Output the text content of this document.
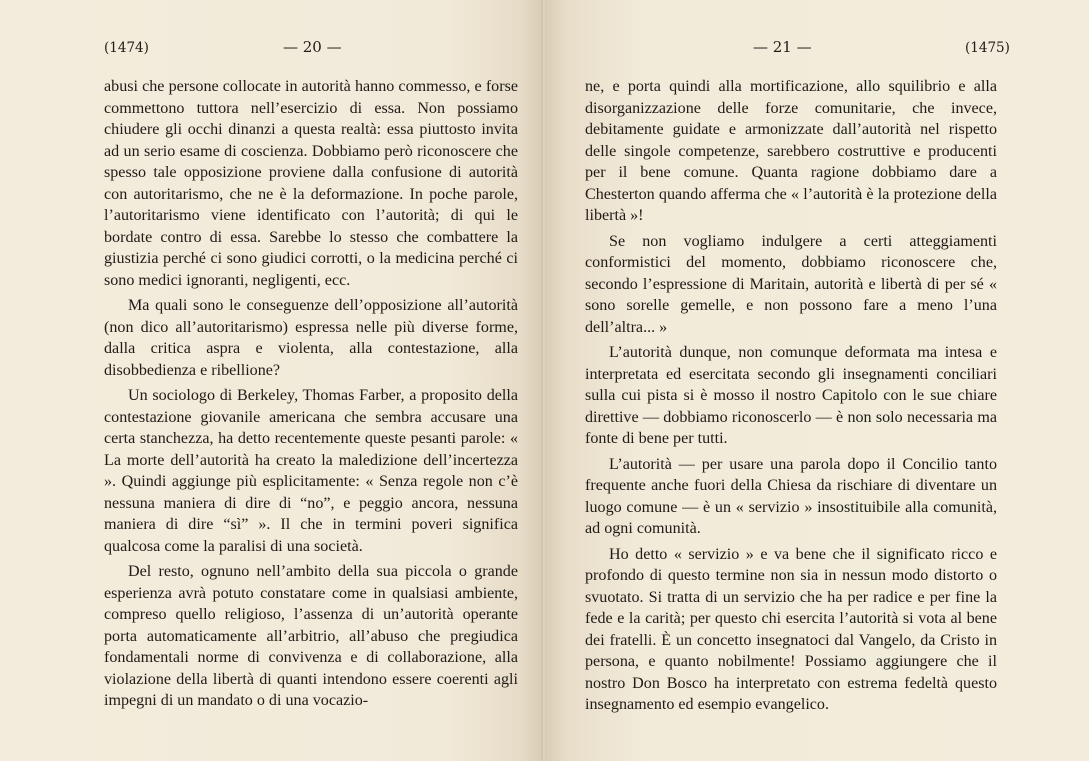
(1474)	— 20 —

abusi che persone collocate in autorità hanno commesso, e forse commettono tuttora nell’esercizio di essa. Non possiamo chiudere gli occhi dinanzi a questa realtà: essa piuttosto invita ad un serio esame di coscienza. Dobbiamo però riconoscere che spesso tale opposizione proviene dalla confusione di autorità con autoritarismo, che ne è la deformazione. In poche parole, l’autoritarismo viene identificato con l’autorità; di qui le bordate contro di essa. Sarebbe lo stesso che combattere la giustizia perché ci sono giudici corrotti, o la medicina perché ci sono medici ignoranti, negligenti, ecc.

Ma quali sono le conseguenze dell’opposizione all’autorità (non dico all’autoritarismo) espressa nelle più diverse forme, dalla critica aspra e violenta, alla contestazione, alla disobbedienza e ribellione?

Un sociologo di Berkeley, Thomas Farber, a proposito della contestazione giovanile americana che sembra accusare una certa stanchezza, ha detto recentemente queste pesanti parole: « La morte dell’autorità ha creato la maledizione dell’incertezza ». Quindi aggiunge più esplicitamente: « Senza regole non c’è nessuna maniera di dire di “no”, e peggio ancora, nessuna maniera di dire “sì” ». Il che in termini poveri significa qualcosa come la paralisi di una società.

Del resto, ognuno nell’ambito della sua piccola o grande esperienza avrà potuto constatare come in qualsiasi ambiente, compreso quello religioso, l’assenza di un’autorità operante porta automaticamente all’arbitrio, all’abuso che pregiudica fondamentali norme di convivenza e di collaborazione, alla violazione della libertà di quanti intendono essere coerenti agli impegni di un mandato o di una vocazio-

— 21 —	(1475)

ne, e porta quindi alla mortificazione, allo squilibrio e alla disorganizzazione delle forze comunitarie, che invece, debitamente guidate e armonizzate dall’autorità nel rispetto delle singole competenze, sarebbero costruttive e producenti per il bene comune. Quanta ragione dobbiamo dare a Chesterton quando afferma che « l’autorità è la protezione della libertà »!

Se non vogliamo indulgere a certi atteggiamenti conformistici del momento, dobbiamo riconoscere che, secondo l’espressione di Maritain, autorità e libertà di per sé « sono sorelle gemelle, e non possono fare a meno l’una dell’altra... »

L’autorità dunque, non comunque deformata ma intesa e interpretata ed esercitata secondo gli insegnamenti conciliari sulla cui pista si è mosso il nostro Capitolo con le sue chiare direttive — dobbiamo riconoscerlo — è non solo necessaria ma fonte di bene per tutti.

L’autorità — per usare una parola dopo il Concilio tanto frequente anche fuori della Chiesa da rischiare di diventare un luogo comune — è un « servizio » insostituibile alla comunità, ad ogni comunità.

Ho detto « servizio » e va bene che il significato ricco e profondo di questo termine non sia in nessun modo distorto o svuotato. Si tratta di un servizio che ha per radice e per fine la fede e la carità; per questo chi esercita l’autorità si vota al bene dei fratelli. È un concetto insegnatoci dal Vangelo, da Cristo in persona, e quanto nobilmente! Possiamo aggiungere che il nostro Don Bosco ha interpretato con estrema fedeltà questo insegnamento ed esempio evangelico.
